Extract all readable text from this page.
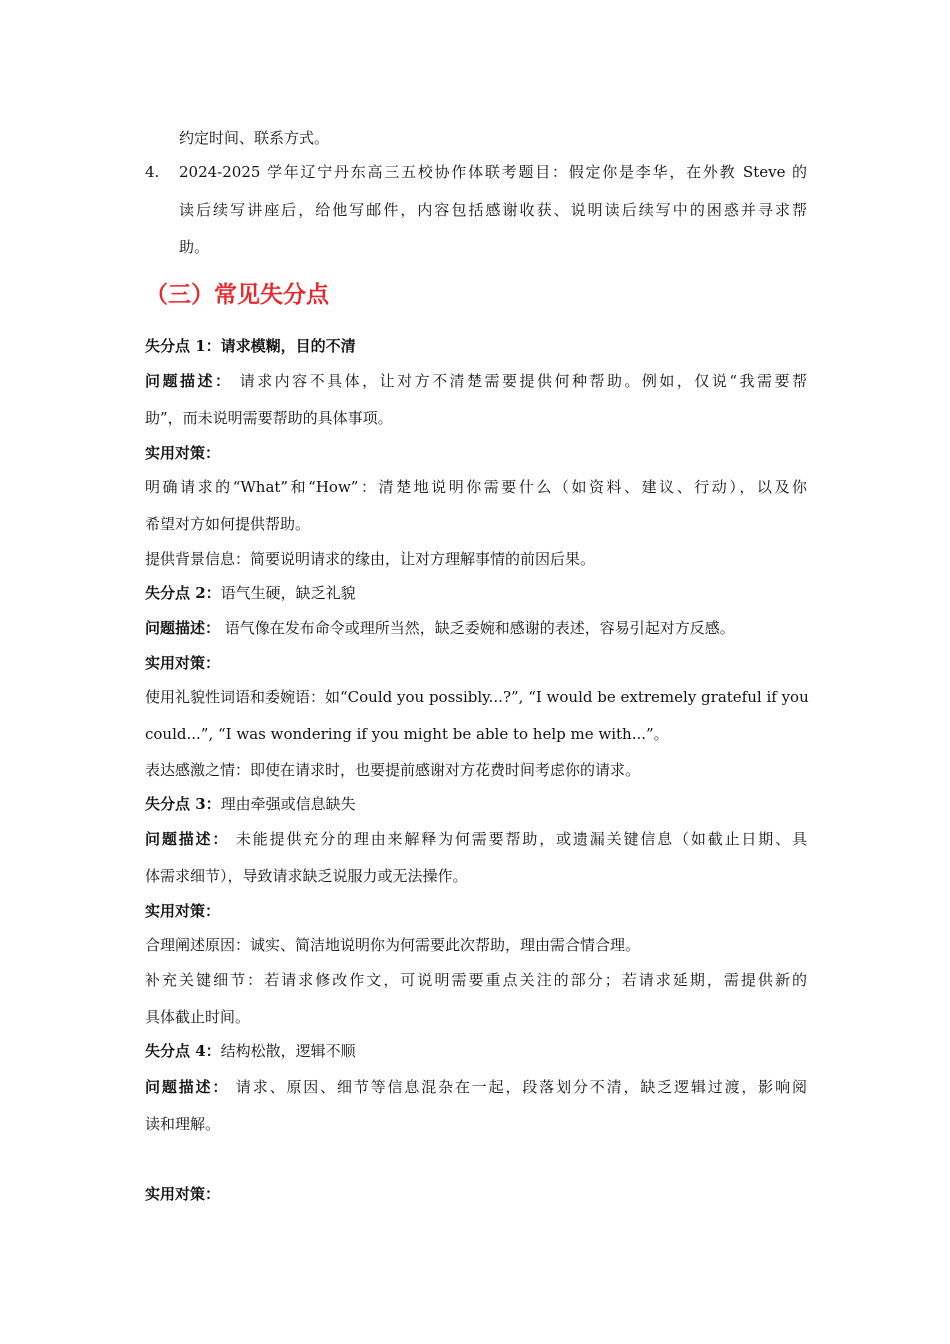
约定时间、联系方式。
4. 2024-2025 学年辽宁丹东高三五校协作体联考题目：假定你是李华，在外教 Steve 的
读后续写讲座后，给他写邮件，内容包括感谢收获、说明读后续写中的困惑并寻求帮
助。
（三）常见失分点
失分点 1：请求模糊，目的不清
问题描述： 请求内容不具体，让对方不清楚需要提供何种帮助。例如，仅说“我需要帮
助”，而未说明需要帮助的具体事项。
实用对策：
明确请求的“What”和“How”：清楚地说明你需要什么（如资料、建议、行动），以及你
希望对方如何提供帮助。
提供背景信息：简要说明请求的缘由，让对方理解事情的前因后果。
失分点 2：语气生硬，缺乏礼貌
问题描述： 语气像在发布命令或理所当然，缺乏委婉和感谢的表述，容易引起对方反感。
实用对策：
使用礼貌性词语和委婉语：如“Could you possibly...?”, “I would be extremely grateful if you
could...”, “I was wondering if you might be able to help me with...”。
表达感激之情：即使在请求时，也要提前感谢对方花费时间考虑你的请求。
失分点 3：理由牵强或信息缺失
问题描述： 未能提供充分的理由来解释为何需要帮助，或遗漏关键信息（如截止日期、具
体需求细节），导致请求缺乏说服力或无法操作。
实用对策：
合理阐述原因：诚实、简洁地说明你为何需要此次帮助，理由需合情合理。
补充关键细节：若请求修改作文，可说明需要重点关注的部分；若请求延期，需提供新的
具体截止时间。
失分点 4：结构松散，逻辑不顺
问题描述： 请求、原因、细节等信息混杂在一起，段落划分不清，缺乏逻辑过渡，影响阅
读和理解。
实用对策：
